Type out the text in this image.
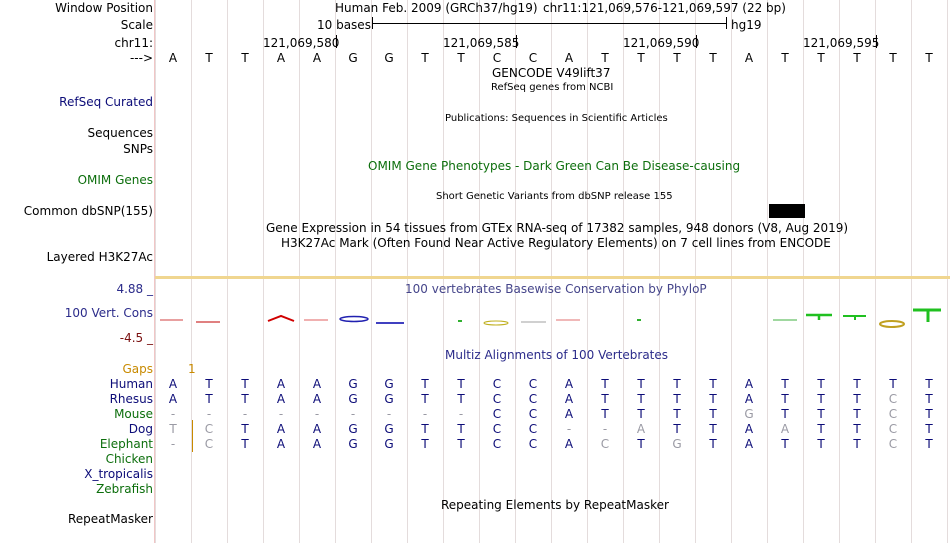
Window Position	Human Feb. 2009 (GRCh37/hg19) chr11:121,069,576-121,069,597 (22 bp)
Scale	10 bases	hg19
chr11:	121,069,580	121,069,585	121,069,590	121,069,595
--->	A	T	T	A	A	G	G	T	T	C	C	A	T	T	T	T	A	T	T	T	T	T
GENCODE V49lift37
RefSeq genes from NCBI
RefSeq Curated
Publications: Sequences in Scientific Articles
Sequences
SNPs
OMIM Gene Phenotypes - Dark Green Can Be Disease-causing
OMIM Genes
Short Genetic Variants from dbSNP release 155
Common dbSNP(155)
Gene Expression in 54 tissues from GTEx RNA-seq of 17382 samples, 948 donors (V8, Aug 2019)
H3K27Ac Mark (Often Found Near Active Regulatory Elements) on 7 cell lines from ENCODE
Layered H3K27Ac
100 vertebrates Basewise Conservation by PhyloP
4.88 _
100 Vert. Cons
-4.5 _
Multiz Alignments of 100 Vertebrates
Gaps	1
Human	A	T	T	A	A	G	G	T	T	C	C	A	T	T	T	T	A	T	T	T	T	T
Rhesus	A	T	T	A	A	G	G	T	T	C	C	A	T	T	T	T	A	T	T	T	C	T
Mouse	-	-	-	-	-	-	-	-	-	C	C	A	T	T	T	T	G	T	T	T	C	T
Dog	T	C	T	A	A	G	G	T	T	C	C	-	-	A	T	T	A	A	T	T	C	T
Elephant	-	C	T	A	A	G	G	T	T	C	C	A	C	T	G	T	A	T	T	T	C	T
Chicken
X_tropicalis
Zebrafish
Repeating Elements by RepeatMasker
RepeatMasker
